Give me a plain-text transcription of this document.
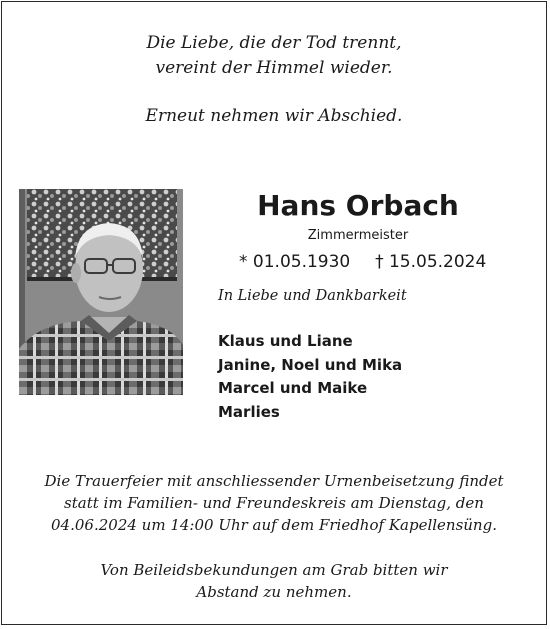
Die Liebe, die der Tod trennt,
vereint der Himmel wieder.
Erneut nehmen wir Abschied.
Hans Orbach
Zimmermeister
* 01.05.1930 † 15.05.2024
In Liebe und Dankbarkeit
Klaus und Liane
Janine, Noel und Mika
Marcel und Maike
Marlies
Die Trauerfeier mit anschliessender Urnenbeisetzung findet
statt im Familien- und Freundeskreis am Dienstag, den
04.06.2024 um 14:00 Uhr auf dem Friedhof Kapellensüng.
Von Beileidsbekundungen am Grab bitten wir
Abstand zu nehmen.
